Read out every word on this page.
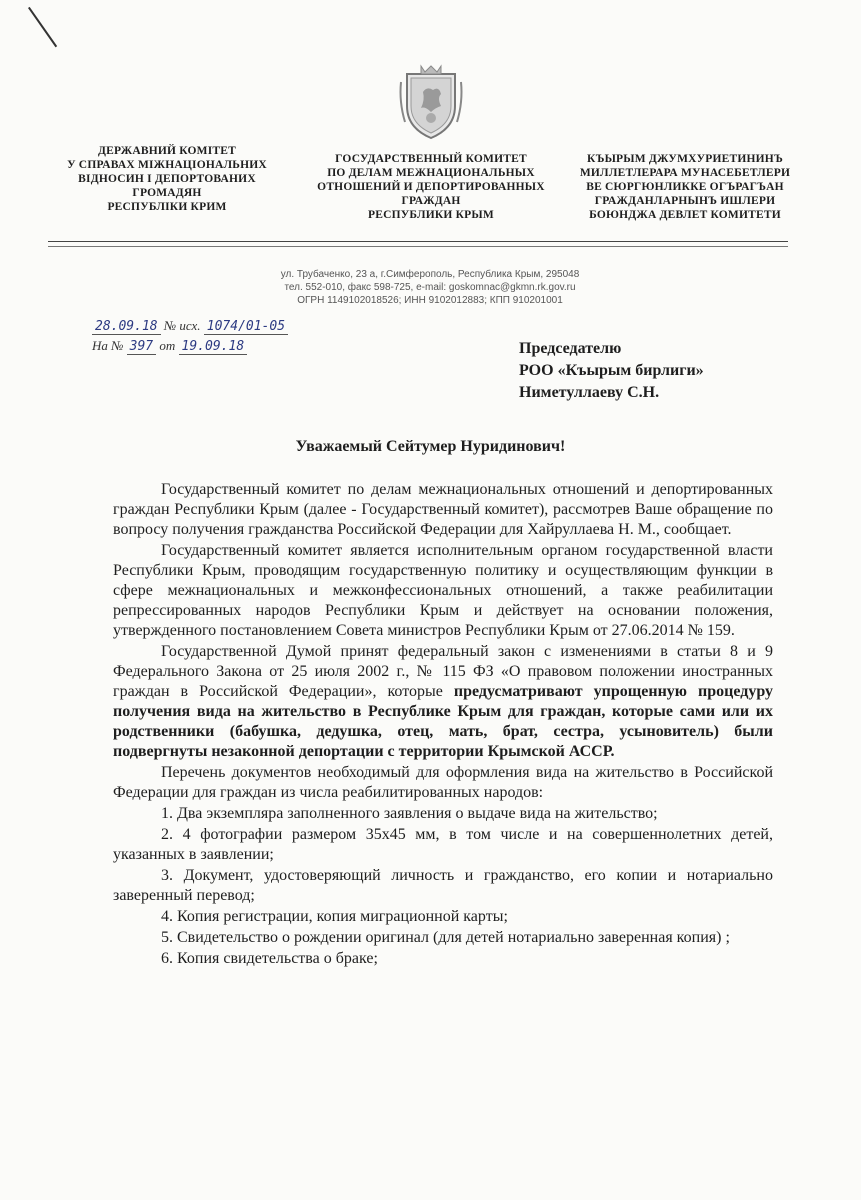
ДЕРЖАВНИЙ КОМІТЕТ
У СПРАВАХ МІЖНАЦІОНАЛЬНИХ
ВІДНОСИН І ДЕПОРТОВАНИХ
ГРОМАДЯН
РЕСПУБЛІКИ КРИМ
ГОСУДАРСТВЕННЫЙ КОМИТЕТ
ПО ДЕЛАМ МЕЖНАЦИОНАЛЬНЫХ
ОТНОШЕНИЙ И ДЕПОРТИРОВАННЫХ
ГРАЖДАН
РЕСПУБЛИКИ КРЫМ
КЪЫРЫМ ДЖУМХУРИЕТИНИНЪ
МИЛЛЕТЛЕРАРА МУНАСЕБЕТЛЕРИ
ВЕ СЮРГЮНЛИККЕ ОГЪРАГЪАН
ГРАЖДАНЛАРНЫНЪ ИШЛЕРИ
БОЮНДЖА ДЕВЛЕТ КОМИТЕТИ
ул. Трубаченко, 23 а, г.Симферополь, Республика Крым, 295048
тел. 552-010, факс 598-725, e-mail: goskomnac@gkmn.rk.gov.ru
ОГРН 1149102018526; ИНН 9102012883; КПП 910201001
28.09.18 № исх. 1074/01-05
На № 397 от 19.09.18	Председателю
РОО «Къырым бирлиги»
Ниметуллаеву С.Н.
Уважаемый Сейтумер Нуридинович!

Государственный комитет по делам межнациональных отношений и депортированных граждан Республики Крым (далее - Государственный комитет), рассмотрев Ваше обращение по вопросу получения гражданства Российской Федерации для Хайруллаева Н. М., сообщает.

Государственный комитет является исполнительным органом государственной власти Республики Крым, проводящим государственную политику и осуществляющим функции в сфере межнациональных и межконфессиональных отношений, а также реабилитации репрессированных народов Республики Крым и действует на основании положения, утвержденного постановлением Совета министров Республики Крым от 27.06.2014 № 159.

Государственной Думой принят федеральный закон с изменениями в статьи 8 и 9 Федерального Закона от 25 июля 2002 г., № 115 ФЗ «О правовом положении иностранных граждан в Российской Федерации», которые предусматривают упрощенную процедуру получения вида на жительство в Республике Крым для граждан, которые сами или их родственники (бабушка, дедушка, отец, мать, брат, сестра, усыновитель) были подвергнуты незаконной депортации с территории Крымской АССР.

Перечень документов необходимый для оформления вида на жительство в Российской Федерации для граждан из числа реабилитированных народов:

1. Два экземпляра заполненного заявления о выдаче вида на жительство;

2. 4 фотографии размером 35x45 мм, в том числе и на совершеннолетних детей, указанных в заявлении;

3. Документ, удостоверяющий личность и гражданство, его копии и нотариально заверенный перевод;

4. Копия регистрации, копия миграционной карты;

5. Свидетельство о рождении оригинал (для детей нотариально заверенная копия) ;

6. Копия свидетельства о браке;
